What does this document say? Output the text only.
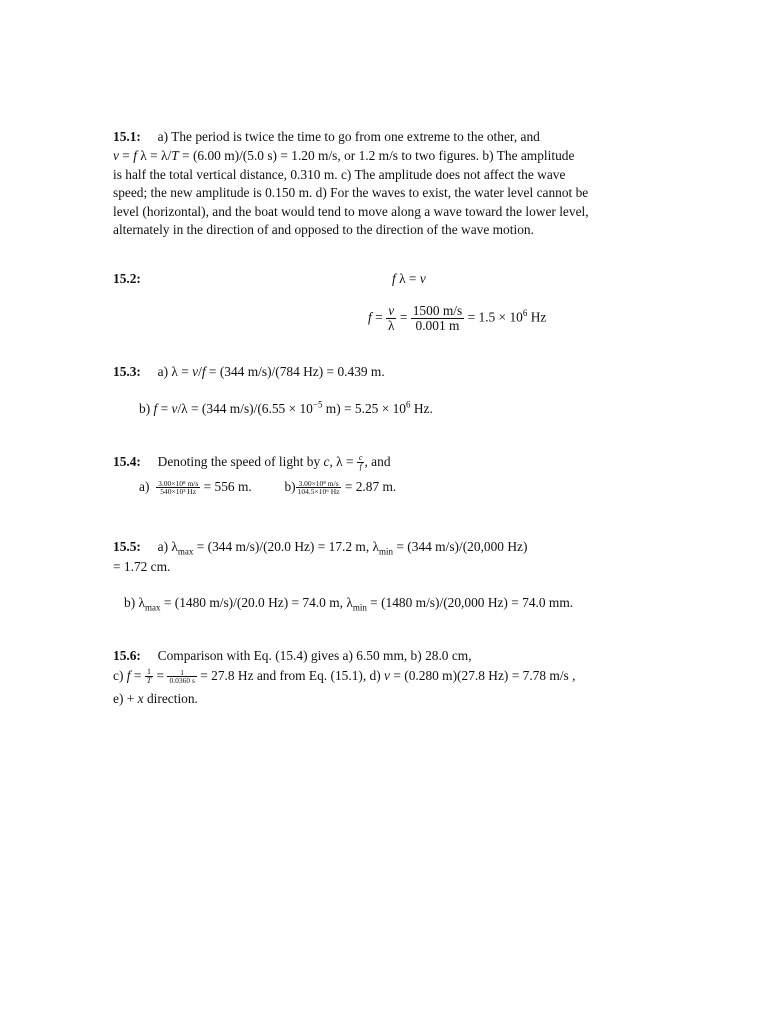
15.1: a) The period is twice the time to go from one extreme to the other, and
v = f λ = λ/T = (6.00 m)/(5.0 s) = 1.20 m/s, or 1.2 m/s to two figures. b) The amplitude
is half the total vertical distance, 0.310 m. c) The amplitude does not affect the wave
speed; the new amplitude is 0.150 m. d) For the waves to exist, the water level cannot be
level (horizontal), and the boat would tend to move along a wave toward the lower level,
alternately in the direction of and opposed to the direction of the wave motion.
15.2:	f λ = v
$f = \frac{v}{\lambda} = \frac{1500 m/s}{0.001 m} = 1.5 \times 10^6$ Hz
15.3: a) λ = v/f = (344 m/s)/(784 Hz) = 0.439 m.
b) f = v/λ = (344 $m/s)/(6.55 \times 10^{-5}$ $m) = 5.25 \times 10^6$ Hz.
15.4: Denoting the speed of light by c, $\lambda = \frac{c}{f}$ , and
$a) \frac{\text{3.00×10⁸ m/s}}{\text{540×10³ Hz}} = 556$ m. $b) \frac{\text{3.00×10⁸ m/s}}{\text{104.5×10⁶ Hz}} = 2.87$ m.
15.5: a) $\lambda_{max} = (344$ m/s)/(20.0 Hz) = 17.2 m, $\lambda_{min} = (344$ m/s)/(20,000 Hz)
= 1.72 cm.
b) $\lambda_{max} = (1480$ m/s)/(20.0 Hz) = 74.0 m, $\lambda_{min} = (1480$ m/s)/(20,000 Hz) = 74.0 mm.
15.6: Comparison with Eq. (15.4) gives a) 6.50 mm, b) 28.0 cm,
c) $f = \frac{1}{T} = \frac{1}{0.0360 s} = 27.8$ Hz and from Eq. (15.1), d) v = (0.280 m)(27.8 Hz) = 7.78 m/s ,
e) + x direction.
